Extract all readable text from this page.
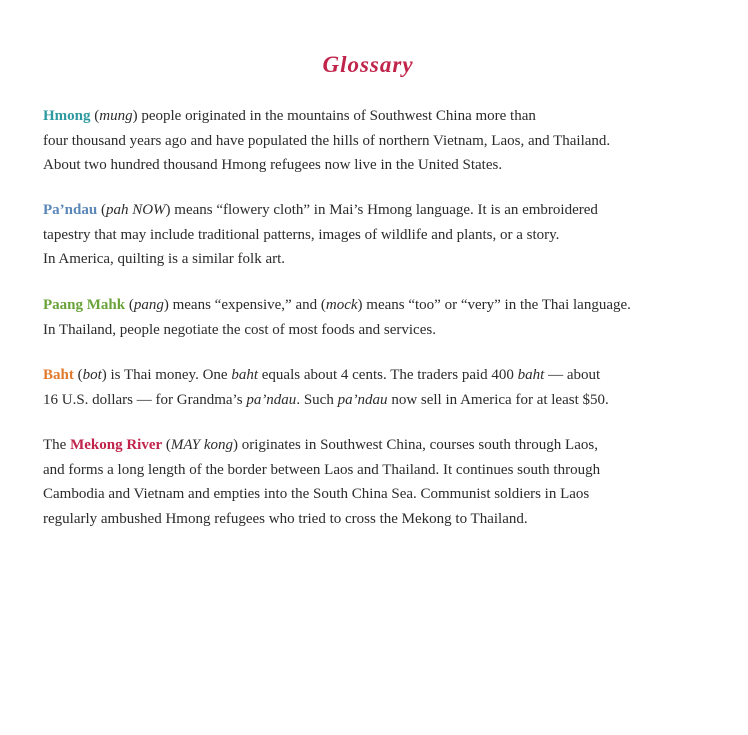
Glossary

Hmong (mung) people originated in the mountains of Southwest China more than
four thousand years ago and have populated the hills of northern Vietnam, Laos, and Thailand.
About two hundred thousand Hmong refugees now live in the United States.

Pa’ndau (pah NOW) means “flowery cloth” in Mai’s Hmong language. It is an embroidered
tapestry that may include traditional patterns, images of wildlife and plants, or a story.
In America, quilting is a similar folk art.

Paang Mahk (pang) means “expensive,” and (mock) means “too” or “very” in the Thai language.
In Thailand, people negotiate the cost of most foods and services.

Baht (bot) is Thai money. One baht equals about 4 cents. The traders paid 400 baht — about
16 U.S. dollars — for Grandma’s pa’ndau. Such pa’ndau now sell in America for at least $50.

The Mekong River (MAY kong) originates in Southwest China, courses south through Laos,
and forms a long length of the border between Laos and Thailand. It continues south through
Cambodia and Vietnam and empties into the South China Sea. Communist soldiers in Laos
regularly ambushed Hmong refugees who tried to cross the Mekong to Thailand.
